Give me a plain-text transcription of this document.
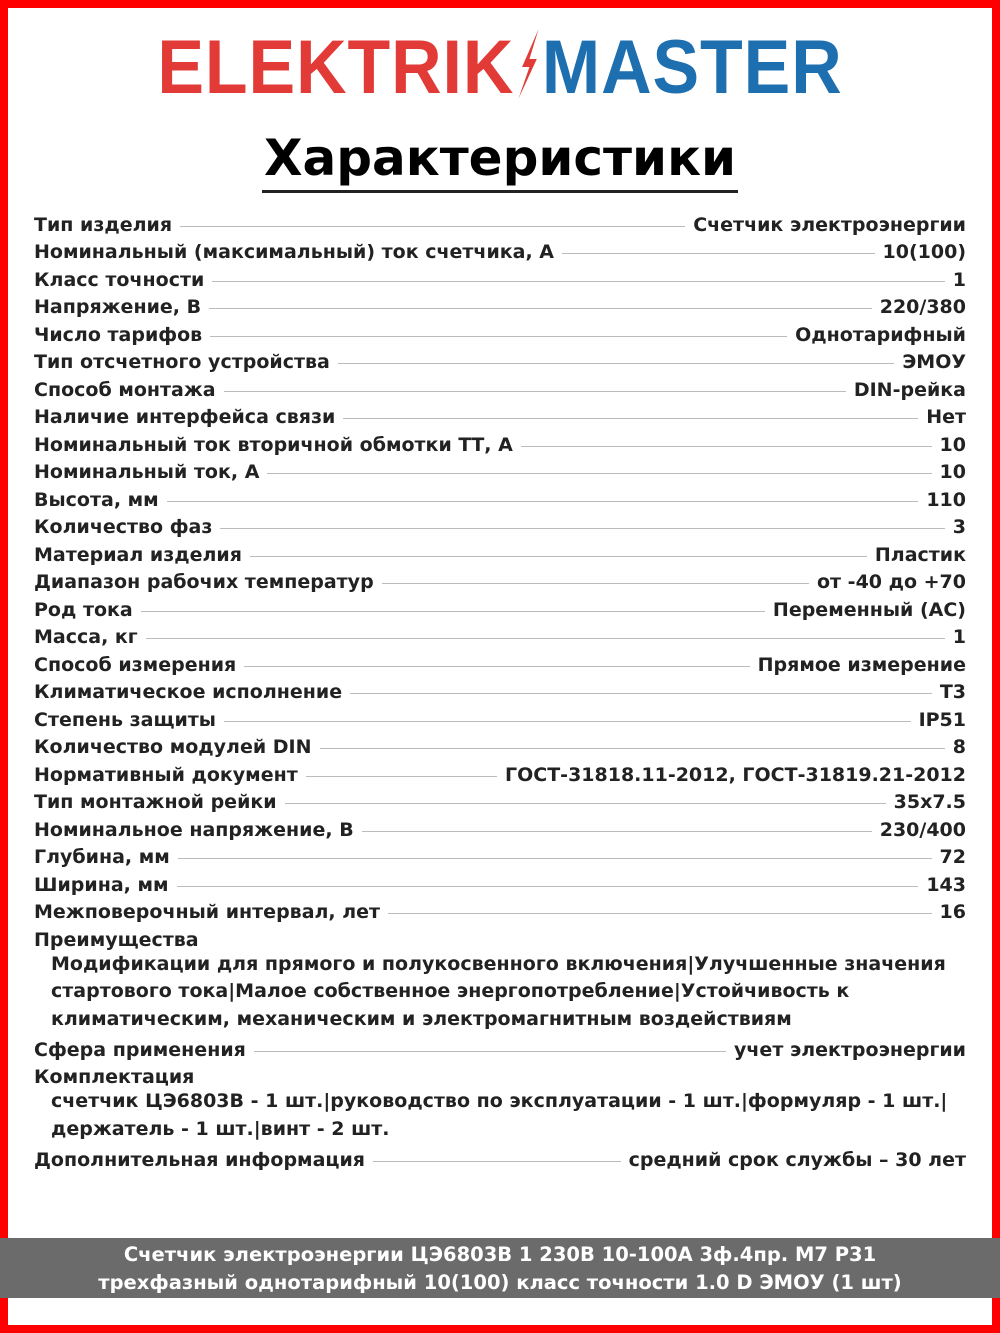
ELEKTRIK MASTER
Характеристики
Тип изделия	Счетчик электроэнергии
Номинальный (максимальный) ток счетчика, А	10(100)
Класс точности	1
Напряжение, В	220/380
Число тарифов	Однотарифный
Тип отсчетного устройства	ЭМОУ
Способ монтажа	DIN-рейка
Наличие интерфейса связи	Нет
Номинальный ток вторичной обмотки ТТ, А	10
Номинальный ток, А	10
Высота, мм	110
Количество фаз	3
Материал изделия	Пластик
Диапазон рабочих температур	от -40 до +70
Род тока	Переменный (АС)
Масса, кг	1
Способ измерения	Прямое измерение
Климатическое исполнение	Т3
Степень защиты	IP51
Количество модулей DIN	8
Нормативный документ	ГОСТ-31818.11-2012, ГОСТ-31819.21-2012
Тип монтажной рейки	35х7.5
Номинальное напряжение, В	230/400
Глубина, мм	72
Ширина, мм	143
Межповерочный интервал, лет	16
Преимущества
Модификации для прямого и полукосвенного включения|Улучшенные значения стартового тока|Малое собственное энергопотребление|Устойчивость к климатическим, механическим и электромагнитным воздействиям
Сфера применения	учет электроэнергии
Комплектация
счетчик ЦЭ6803В - 1 шт.|руководство по эксплуатации - 1 шт.|формуляр - 1 шт.|держатель - 1 шт.|винт - 2 шт.
Дополнительная информация	средний срок службы – 30 лет
Счетчик электроэнергии ЦЭ6803В 1 230В 10-100А 3ф.4пр. М7 Р31
трехфазный однотарифный 10(100) класс точности 1.0 D ЭМОУ (1 шт)
